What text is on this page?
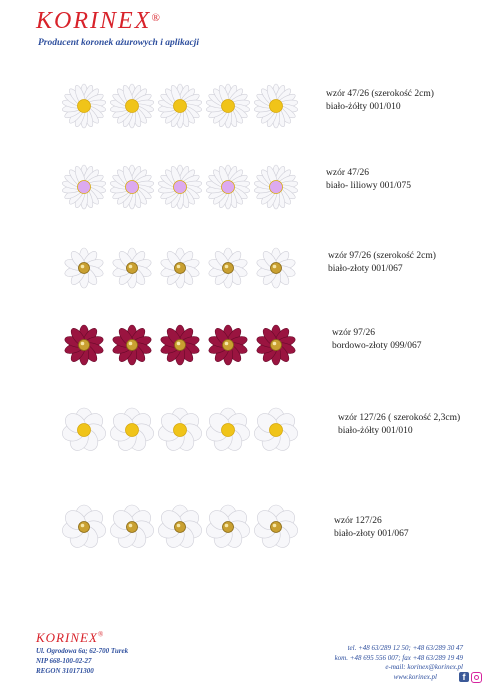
KORINEX®
Producent koronek ażurowych i aplikacji
wzór 47/26 (szerokość 2cm)
biało-żółty 001/010
wzór 47/26
biało- liliowy 001/075
wzór 97/26 (szerokość 2cm)
biało-złoty 001/067
wzór 97/26
bordowo-złoty 099/067
wzór 127/26 ( szerokość 2,3cm)
biało-żółty 001/010
wzór 127/26
biało-złoty 001/067
KORINEX®
Ul. Ogrodowa 6a; 62-700 Turek
NIP 668-100-02-27
REGON 310171300
tel. +48 63/289 12 50; +48 63/289 30 47
kom. +48 695 556 007; fax +48 63/289 19 49
e-mail: korinex@korinex.pl
www.korinex.pl	f
